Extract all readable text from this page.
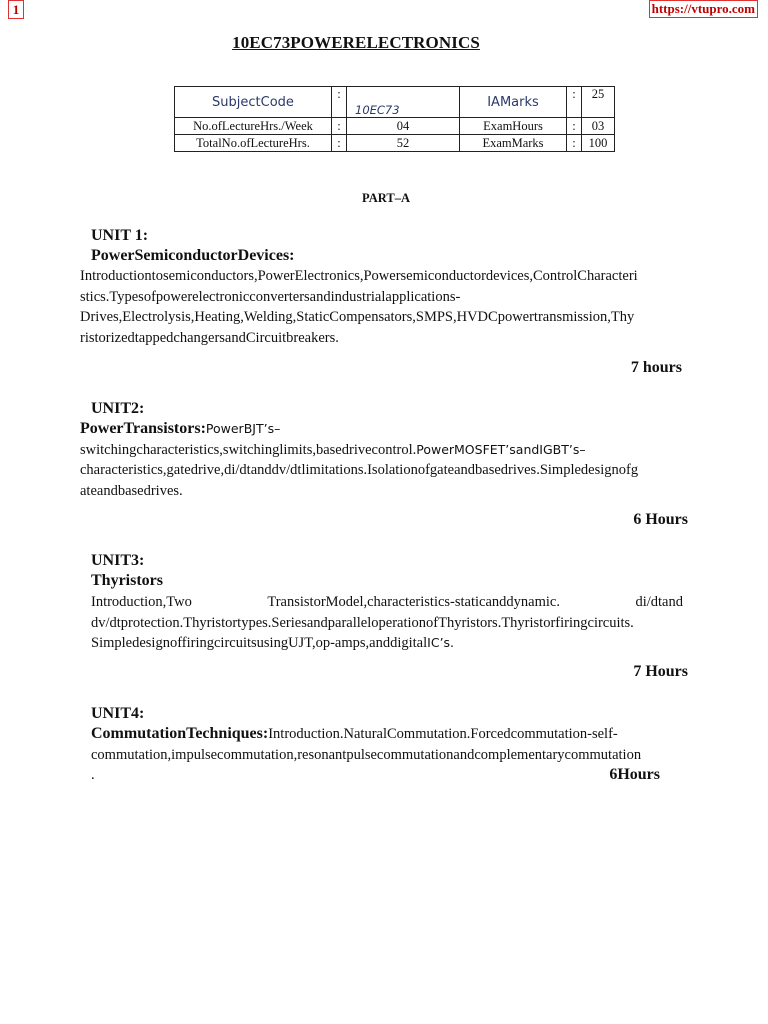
1	https://vtupro.com
10EC73POWERELECTRONICS
SubjectCode	:	10EC73	IAMarks	:	25
No.ofLectureHrs./Week	:	04	ExamHours	:	03
TotalNo.ofLectureHrs.	:	52	ExamMarks	:	100
PART–A
UNIT 1:
PowerSemiconductorDevices:
Introductiontosemiconductors,PowerElectronics,Powersemiconductordevices,ControlCharacteri
stics.Typesofpowerelectronicconvertersandindustrialapplications-
Drives,Electrolysis,Heating,Welding,StaticCompensators,SMPS,HVDCpowertransmission,Thy
ristorizedtappedchangersandCircuitbreakers.
7 hours
UNIT2:
PowerTransistors:PowerBJT’s–
switchingcharacteristics,switchinglimits,basedrivecontrol.PowerMOSFET’sandIGBT’s–
characteristics,gatedrive,di/dtanddv/dtlimitations.Isolationofgateandbasedrives.Simpledesignofg
ateandbasedrives.
6 Hours
UNIT3:
Thyristors
Introduction,Two	TransistorModel,characteristics-staticanddynamic.	di/dtand
dv/dtprotection.Thyristortypes.SeriesandparalleloperationofThyristors.Thyristorfiringcircuits.
SimpledesignoffiringcircuitsusingUJT,op-amps,anddigitalIC’s.
7 Hours
UNIT4:
CommutationTechniques:Introduction.NaturalCommutation.Forcedcommutation-self-
commutation,impulsecommutation,resonantpulsecommutationandcomplementarycommutation
.	6Hours
